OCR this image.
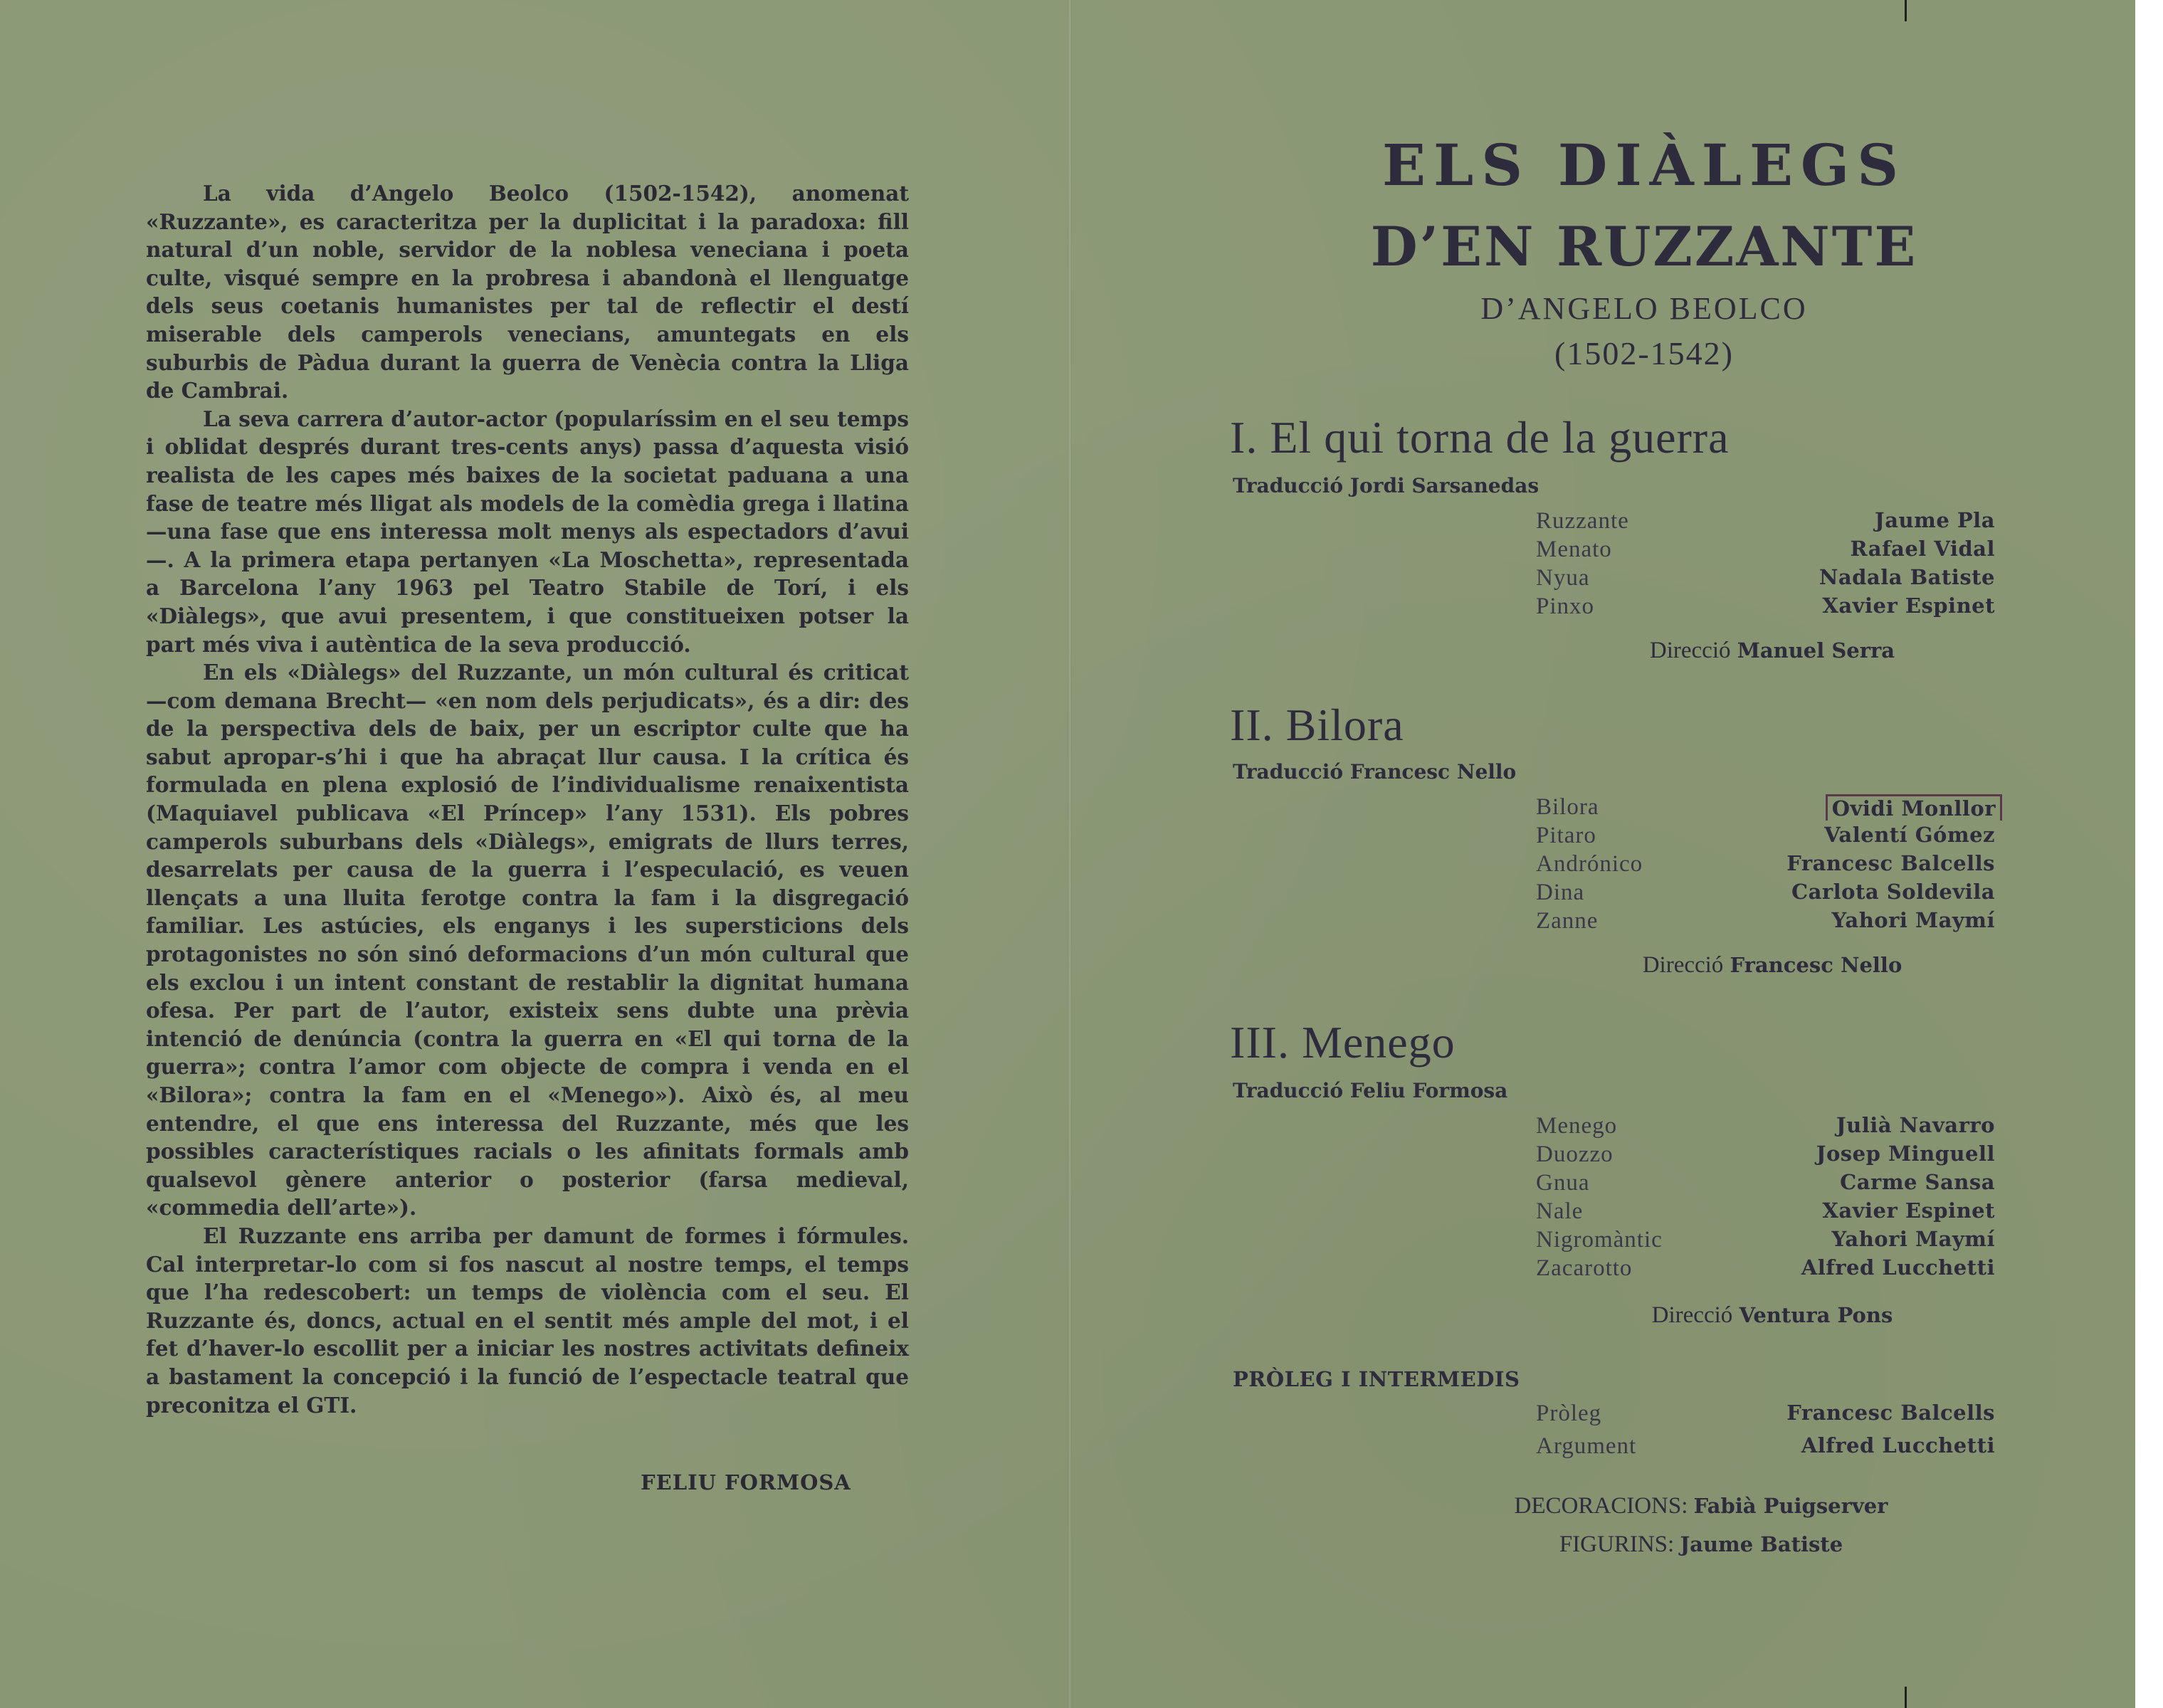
La vida d’Angelo Beolco (1502-1542), anomenat «Ruzzante», es caracteritza per la duplicitat i la paradoxa: fill natural d’un noble, servidor de la noblesa veneciana i poeta culte, visqué sempre en la probresa i abandonà el llenguatge dels seus coetanis humanistes per tal de reflectir el destí miserable dels camperols venecians, amuntegats en els suburbis de Pàdua durant la guerra de Venècia contra la Lliga de Cambrai.

La seva carrera d’autor-actor (popularíssim en el seu temps i oblidat després durant tres-cents anys) passa d’aquesta visió realista de les capes més baixes de la societat paduana a una fase de teatre més lligat als models de la comèdia grega i llatina —una fase que ens interessa molt menys als espectadors d’avui—. A la primera etapa pertanyen «La Moschetta», representada a Barcelona l’any 1963 pel Teatro Stabile de Torí, i els «Diàlegs», que avui presentem, i que constitueixen potser la part més viva i autèntica de la seva producció.

En els «Diàlegs» del Ruzzante, un món cultural és criticat —com demana Brecht— «en nom dels perjudicats», és a dir: des de la perspectiva dels de baix, per un escriptor culte que ha sabut apropar-s’hi i que ha abraçat llur causa. I la crítica és formulada en plena explosió de l’individualisme renaixentista (Maquiavel publicava «El Príncep» l’any 1531). Els pobres camperols suburbans dels «Diàlegs», emigrats de llurs terres, desarrelats per causa de la guerra i l’especulació, es veuen llençats a una lluita ferotge contra la fam i la disgregació familiar. Les astúcies, els enganys i les supersticions dels protagonistes no són sinó deformacions d’un món cultural que els exclou i un intent constant de restablir la dignitat humana ofesa. Per part de l’autor, existeix sens dubte una prèvia intenció de denúncia (contra la guerra en «El qui torna de la guerra»; contra l’amor com objecte de compra i venda en el «Bilora»; contra la fam en el «Menego»). Això és, al meu entendre, el que ens interessa del Ruzzante, més que les possibles característiques racials o les afinitats formals amb qualsevol gènere anterior o posterior (farsa medieval, «commedia dell’arte»).

El Ruzzante ens arriba per damunt de formes i fórmules. Cal interpretar-lo com si fos nascut al nostre temps, el temps que l’ha redescobert: un temps de violència com el seu. El Ruzzante és, doncs, actual en el sentit més ample del mot, i el fet d’haver-lo escollit per a iniciar les nostres activitats defineix a bastament la concepció i la funció de l’espectacle teatral que preconitza el GTI.

FELIU FORMOSA
ELS DIÀLEGS
D’EN RUZZANTE
D’ANGELO BEOLCO
(1502-1542)
I. El qui torna de la guerra
Traducció Jordi Sarsanedas
Ruzzante	Jaume Pla
Menato	Rafael Vidal
Nyua	Nadala Batiste
Pinxo	Xavier Espinet
Direcció Manuel Serra
II. Bilora
Traducció Francesc Nello
Bilora	Ovidi Monllor
Pitaro	Valentí Gómez
Andrónico	Francesc Balcells
Dina	Carlota Soldevila
Zanne	Yahori Maymí
Direcció Francesc Nello
III. Menego
Traducció Feliu Formosa
Menego	Julià Navarro
Duozzo	Josep Minguell
Gnua	Carme Sansa
Nale	Xavier Espinet
Nigromàntic	Yahori Maymí
Zacarotto	Alfred Lucchetti
Direcció Ventura Pons
PRÒLEG I INTERMEDIS
Pròleg	Francesc Balcells
Argument	Alfred Lucchetti
DECORACIONS: Fabià Puigserver
FIGURINS: Jaume Batiste
